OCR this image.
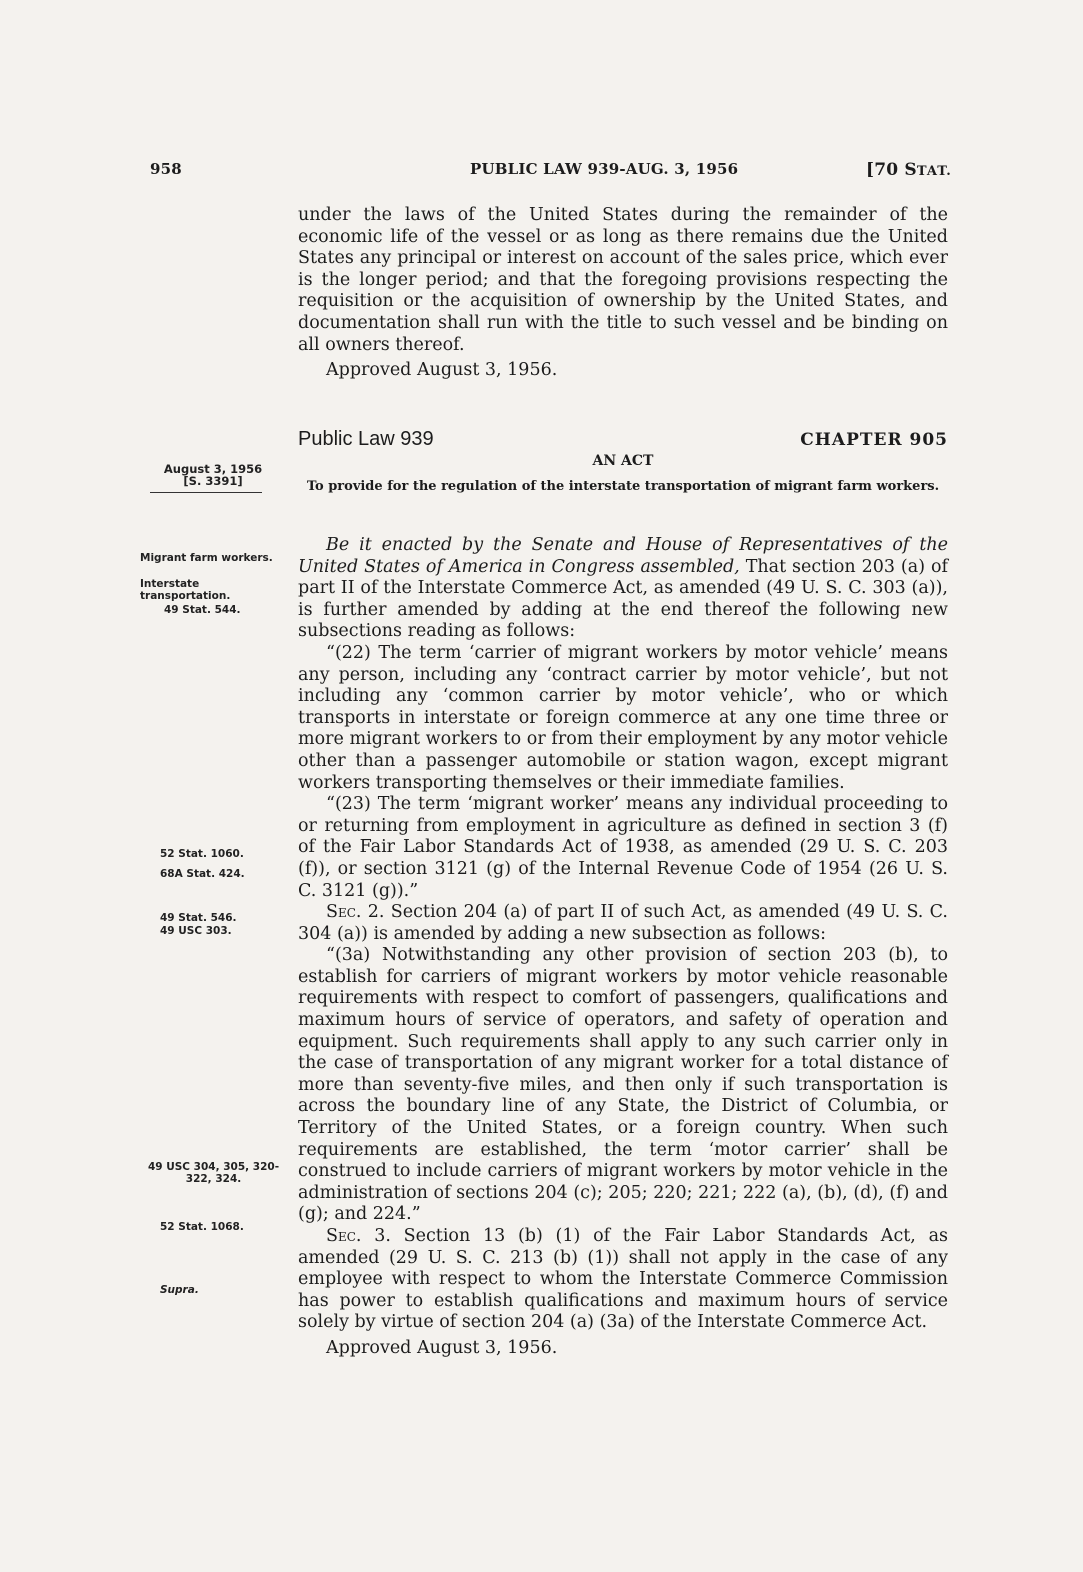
958	PUBLIC LAW 939-AUG. 3, 1956	[70 STAT.

under the laws of the United States during the remainder of the economic life of the vessel or as long as there remains due the United States any principal or interest on account of the sales price, which ever is the longer period; and that the foregoing provisions respecting the requisition or the acquisition of ownership by the United States, and documentation shall run with the title to such vessel and be binding on all owners thereof.

Approved August 3, 1956.

Public Law 939	CHAPTER 905
AN ACT
To provide for the regulation of the interstate transportation of migrant farm workers.
August 3, 1956
[S. 3391]

Be it enacted by the Senate and House of Representatives of the United States of America in Congress assembled, That section 203 (a) of part II of the Interstate Commerce Act, as amended (49 U. S. C. 303 (a)), is further amended by adding at the end thereof the following new subsections reading as follows:

“(22) The term ‘carrier of migrant workers by motor vehicle’ means any person, including any ‘contract carrier by motor vehicle’, but not including any ‘common carrier by motor vehicle’, who or which transports in interstate or foreign commerce at any one time three or more migrant workers to or from their employment by any motor vehicle other than a passenger automobile or station wagon, except migrant workers transporting themselves or their immediate families.

“(23) The term ‘migrant worker’ means any individual proceeding to or returning from employment in agriculture as defined in section 3 (f) of the Fair Labor Standards Act of 1938, as amended (29 U. S. C. 203 (f)), or section 3121 (g) of the Internal Revenue Code of 1954 (26 U. S. C. 3121 (g)).”

Sec. 2. Section 204 (a) of part II of such Act, as amended (49 U. S. C. 304 (a)) is amended by adding a new subsection as follows:

“(3a) Notwithstanding any other provision of section 203 (b), to establish for carriers of migrant workers by motor vehicle reasonable requirements with respect to comfort of passengers, qualifications and maximum hours of service of operators, and safety of operation and equipment. Such requirements shall apply to any such carrier only in the case of transportation of any migrant worker for a total distance of more than seventy-five miles, and then only if such transportation is across the boundary line of any State, the District of Columbia, or Territory of the United States, or a foreign country. When such requirements are established, the term ‘motor carrier’ shall be construed to include carriers of migrant workers by motor vehicle in the administration of sections 204 (c); 205; 220; 221; 222 (a), (b), (d), (f) and (g); and 224.”

Sec. 3. Section 13 (b) (1) of the Fair Labor Standards Act, as amended (29 U. S. C. 213 (b) (1)) shall not apply in the case of any employee with respect to whom the Interstate Commerce Commission has power to establish qualifications and maximum hours of service solely by virtue of section 204 (a) (3a) of the Interstate Commerce Act.

Approved August 3, 1956.

Migrant farm workers.
Interstate transportation.
49 Stat. 544.
52 Stat. 1060.
68A Stat. 424.
49 Stat. 546.
49 USC 303.
49 USC 304, 305, 320-322, 324.
52 Stat. 1068.
Supra.
